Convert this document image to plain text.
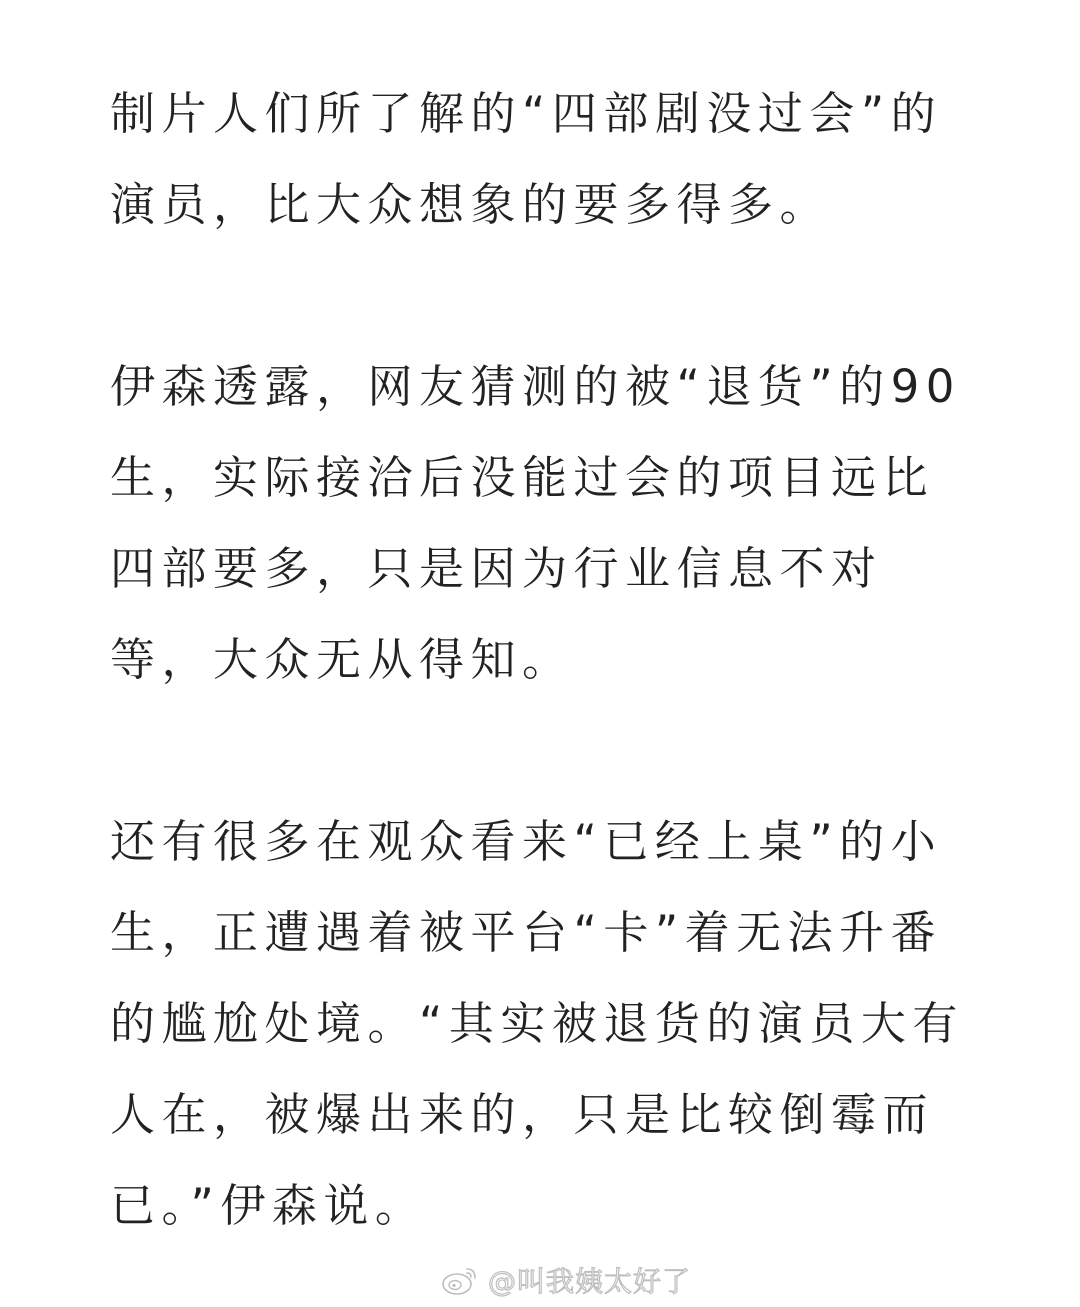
制片人们所了解的“四部剧没过会”的
演员，比大众想象的要多得多。

伊森透露，网友猜测的被“退货”的90
生，实际接洽后没能过会的项目远比
四部要多，只是因为行业信息不对
等，大众无从得知。

还有很多在观众看来“已经上桌”的小
生，正遭遇着被平台“卡”着无法升番
的尴尬处境。“其实被退货的演员大有
人在，被爆出来的，只是比较倒霉而
已。”伊森说。

@叫我姨太好了
